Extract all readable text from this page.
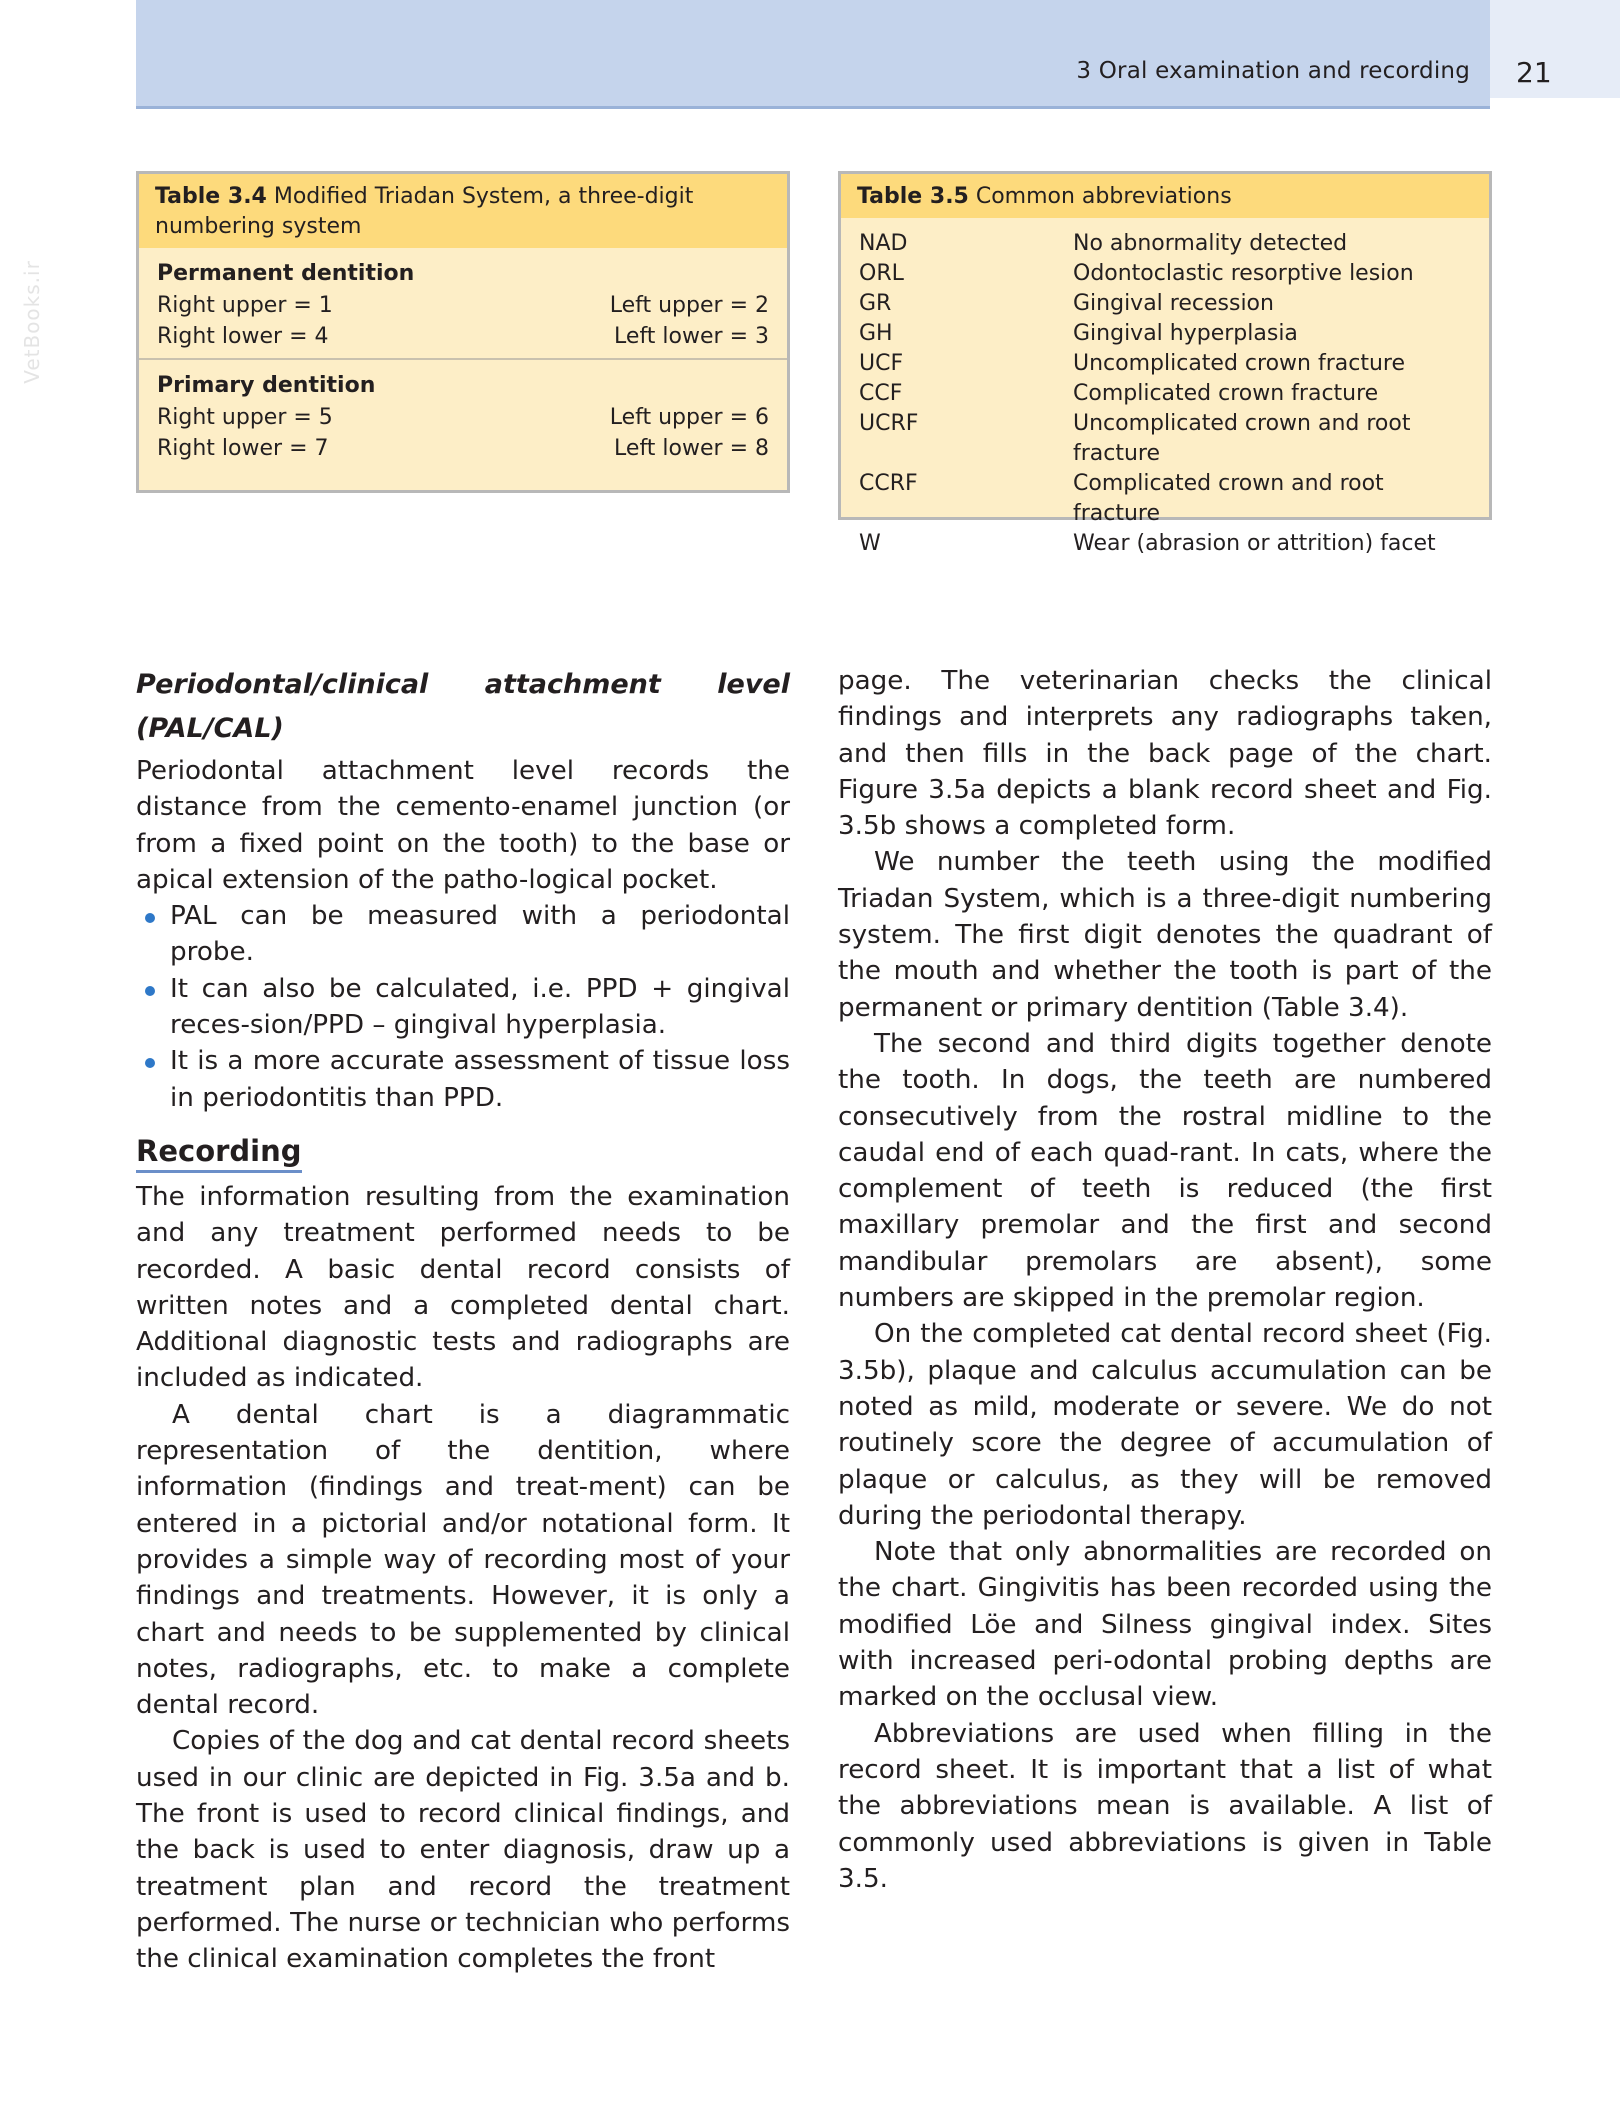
3 Oral examination and recording 21
VetBooks.ir
Table 3.4 Modified Triadan System, a three-digit numbering system
Permanent dentition
Right upper = 1	Left upper = 2
Right lower = 4	Left lower = 3
Primary dentition
Right upper = 5	Left upper = 6
Right lower = 7	Left lower = 8
Table 3.5 Common abbreviations
NAD	No abnormality detected
ORL	Odontoclastic resorptive lesion
GR	Gingival recession
GH	Gingival hyperplasia
UCF	Uncomplicated crown fracture
CCF	Complicated crown fracture
UCRF	Uncomplicated crown and root fracture
CCRF	Complicated crown and root fracture
W	Wear (abrasion or attrition) facet
Periodontal/clinical attachment level (PAL/CAL)

Periodontal attachment level records the distance from the cemento-enamel junction (or from a fixed point on the tooth) to the base or apical extension of the patho-logical pocket.

PAL can be measured with a periodontal probe.
It can also be calculated, i.e. PPD + gingival reces-sion/PPD – gingival hyperplasia.
It is a more accurate assessment of tissue loss in periodontitis than PPD.
Recording

The information resulting from the examination and any treatment performed needs to be recorded. A basic dental record consists of written notes and a completed dental chart. Additional diagnostic tests and radiographs are included as indicated.

A dental chart is a diagrammatic representation of the dentition, where information (findings and treat-ment) can be entered in a pictorial and/or notational form. It provides a simple way of recording most of your findings and treatments. However, it is only a chart and needs to be supplemented by clinical notes, radiographs, etc. to make a complete dental record.

Copies of the dog and cat dental record sheets used in our clinic are depicted in Fig. 3.5a and b. The front is used to record clinical findings, and the back is used to enter diagnosis, draw up a treatment plan and record the treatment performed. The nurse or technician who performs the clinical examination completes the front

page. The veterinarian checks the clinical findings and interprets any radiographs taken, and then fills in the back page of the chart. Figure 3.5a depicts a blank record sheet and Fig. 3.5b shows a completed form.

We number the teeth using the modified Triadan System, which is a three-digit numbering system. The first digit denotes the quadrant of the mouth and whether the tooth is part of the permanent or primary dentition (Table 3.4).

The second and third digits together denote the tooth. In dogs, the teeth are numbered consecutively from the rostral midline to the caudal end of each quad-rant. In cats, where the complement of teeth is reduced (the first maxillary premolar and the first and second mandibular premolars are absent), some numbers are skipped in the premolar region.

On the completed cat dental record sheet (Fig. 3.5b), plaque and calculus accumulation can be noted as mild, moderate or severe. We do not routinely score the degree of accumulation of plaque or calculus, as they will be removed during the periodontal therapy.

Note that only abnormalities are recorded on the chart. Gingivitis has been recorded using the modified Löe and Silness gingival index. Sites with increased peri-odontal probing depths are marked on the occlusal view.

Abbreviations are used when filling in the record sheet. It is important that a list of what the abbreviations mean is available. A list of commonly used abbreviations is given in Table 3.5.
